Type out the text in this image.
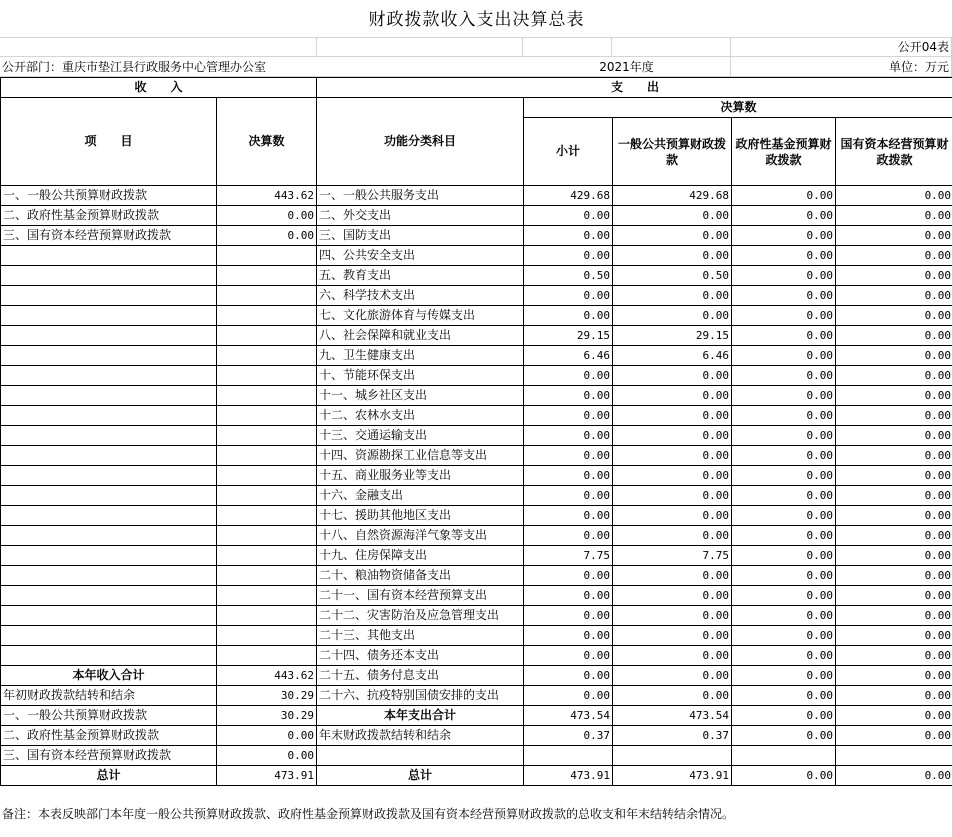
财政拨款收入支出决算总表
公开04表
公开部门：重庆市垫江县行政服务中心管理办公室	2021年度	单位：万元
收　　入		支　　出				
项　　目	决算数	功能分类科目	决算数			
			小计	一般公共预算财政拨款	政府性基金预算财政拨款	国有资本经营预算财政拨款
一、一般公共预算财政拨款	443.62	一、一般公共服务支出	429.68	429.68	0.00	0.00
二、政府性基金预算财政拨款	0.00	二、外交支出	0.00	0.00	0.00	0.00
三、国有资本经营预算财政拨款	0.00	三、国防支出	0.00	0.00	0.00	0.00
		四、公共安全支出	0.00	0.00	0.00	0.00
		五、教育支出	0.50	0.50	0.00	0.00
		六、科学技术支出	0.00	0.00	0.00	0.00
		七、文化旅游体育与传媒支出	0.00	0.00	0.00	0.00
		八、社会保障和就业支出	29.15	29.15	0.00	0.00
		九、卫生健康支出	6.46	6.46	0.00	0.00
		十、节能环保支出	0.00	0.00	0.00	0.00
		十一、城乡社区支出	0.00	0.00	0.00	0.00
		十二、农林水支出	0.00	0.00	0.00	0.00
		十三、交通运输支出	0.00	0.00	0.00	0.00
		十四、资源勘探工业信息等支出	0.00	0.00	0.00	0.00
		十五、商业服务业等支出	0.00	0.00	0.00	0.00
		十六、金融支出	0.00	0.00	0.00	0.00
		十七、援助其他地区支出	0.00	0.00	0.00	0.00
		十八、自然资源海洋气象等支出	0.00	0.00	0.00	0.00
		十九、住房保障支出	7.75	7.75	0.00	0.00
		二十、粮油物资储备支出	0.00	0.00	0.00	0.00
		二十一、国有资本经营预算支出	0.00	0.00	0.00	0.00
		二十二、灾害防治及应急管理支出	0.00	0.00	0.00	0.00
		二十三、其他支出	0.00	0.00	0.00	0.00
		二十四、债务还本支出	0.00	0.00	0.00	0.00
本年收入合计	443.62	二十五、债务付息支出	0.00	0.00	0.00	0.00
年初财政拨款结转和结余	30.29	二十六、抗疫特别国债安排的支出	0.00	0.00	0.00	0.00
一、一般公共预算财政拨款	30.29	本年支出合计	473.54	473.54	0.00	0.00
二、政府性基金预算财政拨款	0.00	年末财政拨款结转和结余	0.37	0.37	0.00	0.00
三、国有资本经营预算财政拨款	0.00					
总计	473.91	总计	473.91	473.91	0.00	0.00
备注：本表反映部门本年度一般公共预算财政拨款、政府性基金预算财政拨款及国有资本经营预算财政拨款的总收支和年末结转结余情况。
